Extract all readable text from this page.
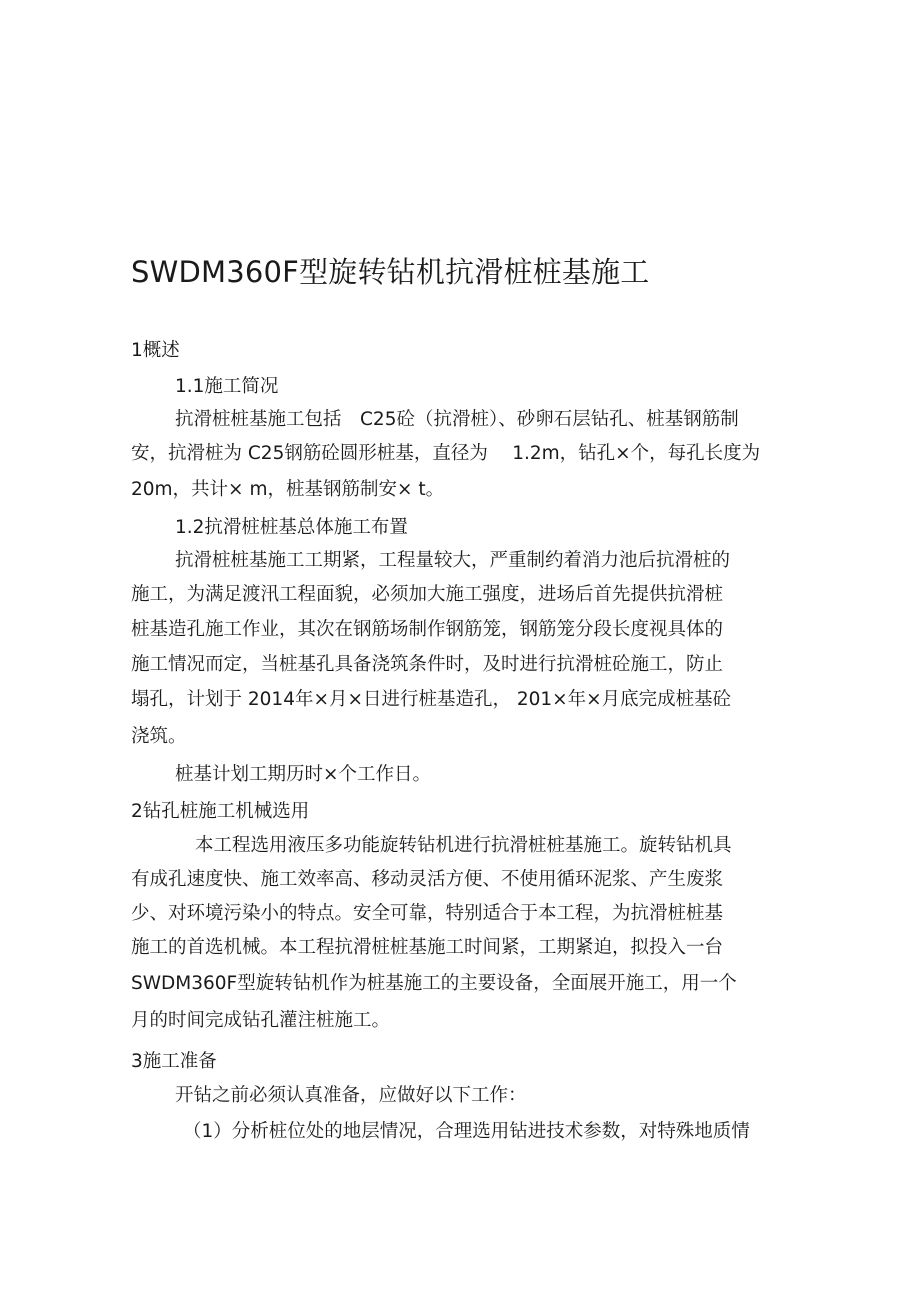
SWDM360F型旋转钻机抗滑桩桩基施工
1概述
1.1施工简况
抗滑桩桩基施工包括　C25砼（抗滑桩）、砂卵石层钻孔、桩基钢筋制
安，抗滑桩为 C25钢筋砼圆形桩基，直径为　 1.2m，钻孔×个，每孔长度为
20m，共计× m，桩基钢筋制安× t。
1.2抗滑桩桩基总体施工布置
抗滑桩桩基施工工期紧，工程量较大，严重制约着消力池后抗滑桩的
施工，为满足渡汛工程面貌，必须加大施工强度，进场后首先提供抗滑桩
桩基造孔施工作业，其次在钢筋场制作钢筋笼，钢筋笼分段长度视具体的
施工情况而定，当桩基孔具备浇筑条件时，及时进行抗滑桩砼施工，防止
塌孔，计划于 2014年×月×日进行桩基造孔， 201×年×月底完成桩基砼
浇筑。
桩基计划工期历时×个工作日。
2钻孔桩施工机械选用
本工程选用液压多功能旋转钻机进行抗滑桩桩基施工。旋转钻机具
有成孔速度快、施工效率高、移动灵活方便、不使用循环泥浆、产生废浆
少、对环境污染小的特点。安全可靠，特别适合于本工程，为抗滑桩桩基
施工的首选机械。本工程抗滑桩桩基施工时间紧，工期紧迫，拟投入一台
SWDM360F型旋转钻机作为桩基施工的主要设备，全面展开施工，用一个
月的时间完成钻孔灌注桩施工。
3施工准备
开钻之前必须认真准备，应做好以下工作：
（1）分析桩位处的地层情况，合理选用钻进技术参数，对特殊地质情
